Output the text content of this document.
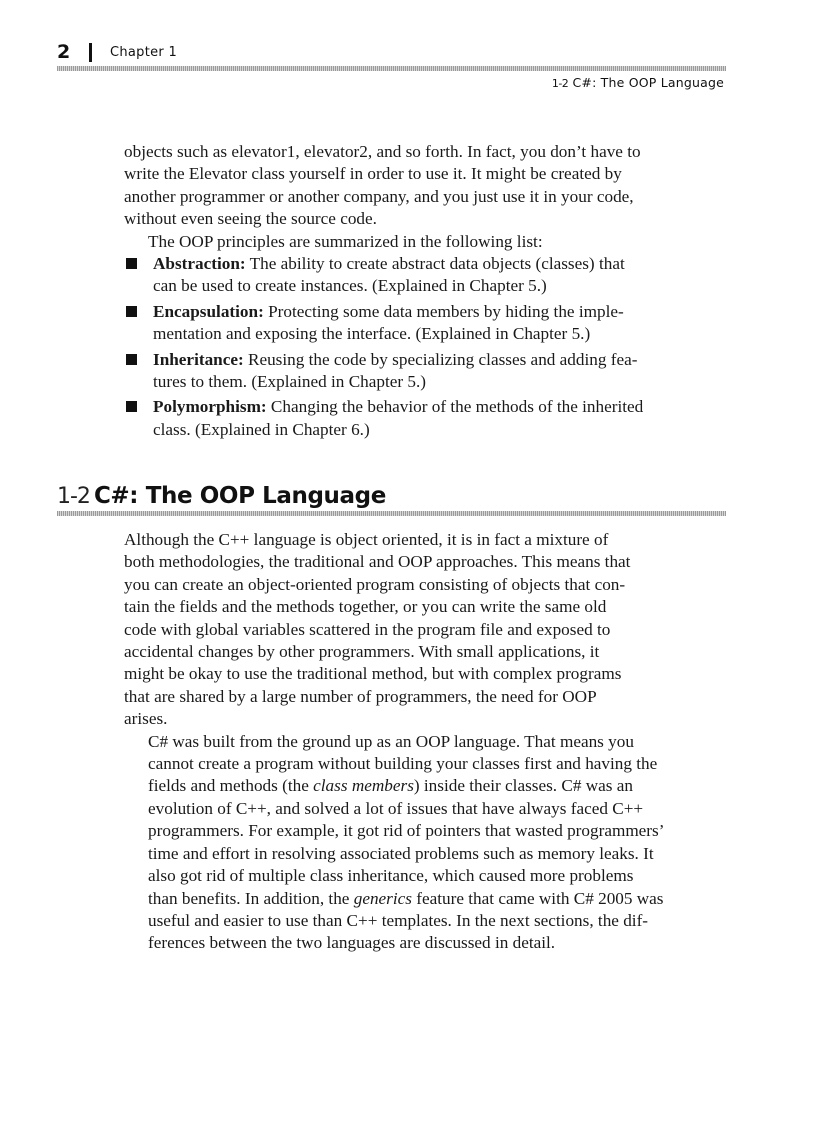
2	Chapter 1
1-2 C#: The OOP Language

objects such as elevator1, elevator2, and so forth. In fact, you don’t have to
write the Elevator class yourself in order to use it. It might be created by
another programmer or another company, and you just use it in your code,
without even seeing the source code.

The OOP principles are summarized in the following list:

Abstraction: The ability to create abstract data objects (classes) that
can be used to create instances. (Explained in Chapter 5.)
Encapsulation: Protecting some data members by hiding the imple-
mentation and exposing the interface. (Explained in Chapter 5.)
Inheritance: Reusing the code by specializing classes and adding fea-
tures to them. (Explained in Chapter 5.)
Polymorphism: Changing the behavior of the methods of the inherited
class. (Explained in Chapter 6.)
1-2 C#: The OOP Language

Although the C++ language is object oriented, it is in fact a mixture of
both methodologies, the traditional and OOP approaches. This means that
you can create an object-oriented program consisting of objects that con-
tain the fields and the methods together, or you can write the same old
code with global variables scattered in the program file and exposed to
accidental changes by other programmers. With small applications, it
might be okay to use the traditional method, but with complex programs
that are shared by a large number of programmers, the need for OOP
arises.

C# was built from the ground up as an OOP language. That means you
cannot create a program without building your classes first and having the
fields and methods (the class members) inside their classes. C# was an
evolution of C++, and solved a lot of issues that have always faced C++
programmers. For example, it got rid of pointers that wasted programmers’
time and effort in resolving associated problems such as memory leaks. It
also got rid of multiple class inheritance, which caused more problems
than benefits. In addition, the generics feature that came with C# 2005 was
useful and easier to use than C++ templates. In the next sections, the dif-
ferences between the two languages are discussed in detail.
